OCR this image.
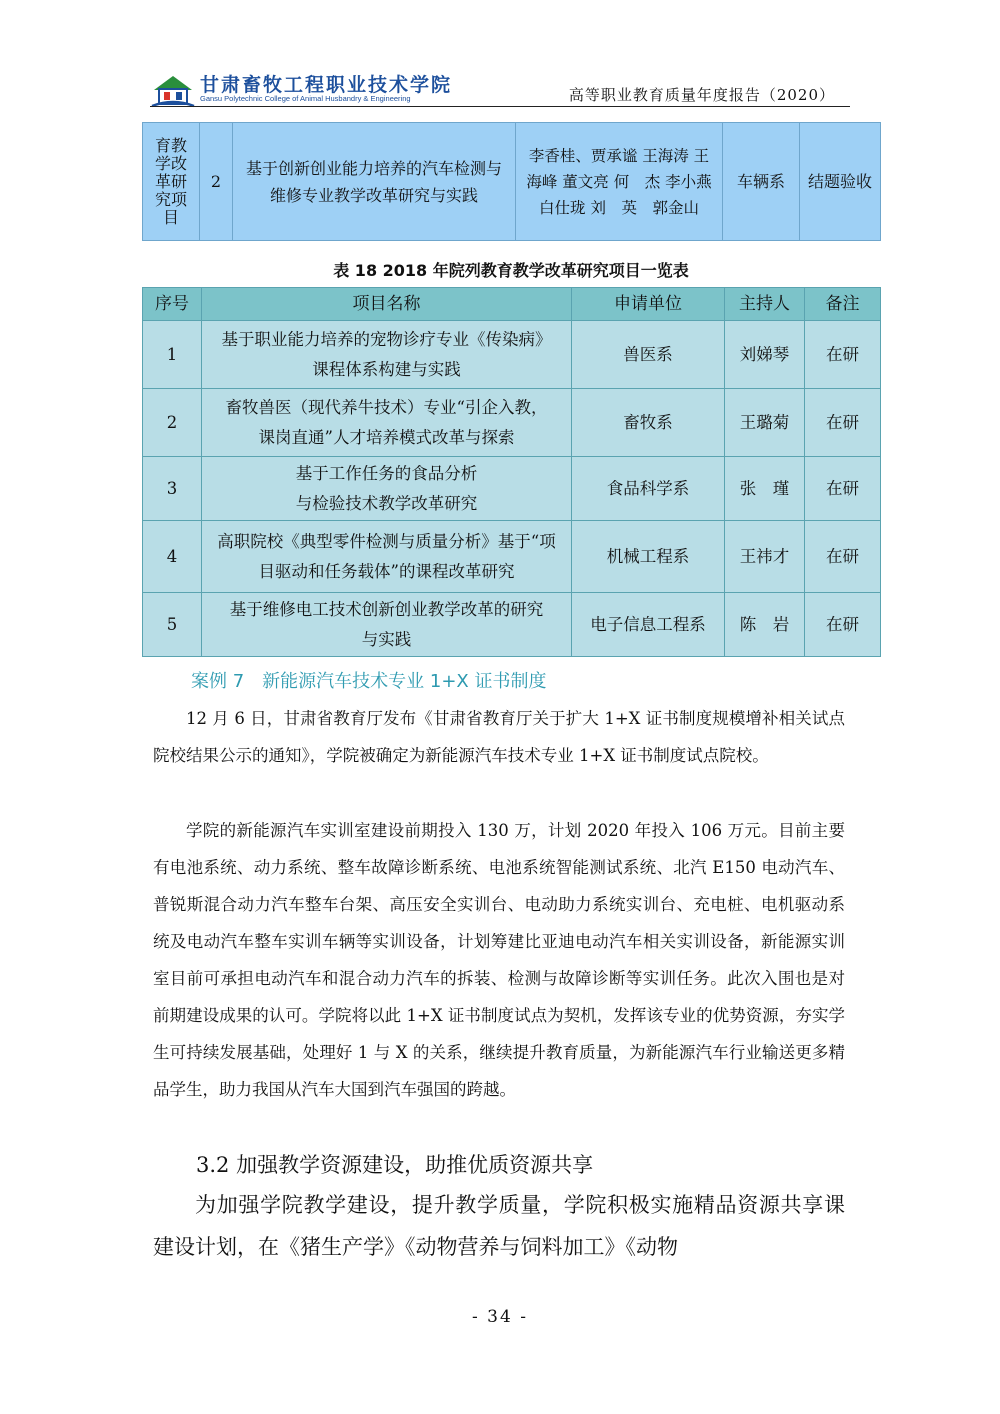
甘肃畜牧工程职业技术学院
Gansu Polytechnic College of Animal Husbandry & Engineering	高等职业教育质量年度报告（2020）
育教学改革研究项目
	2	基于创新创业能力培养的汽车检测与维修专业教学改革研究与实践	李香桂、贾承谧 王海涛 王海峰 董文亮 何　杰 李小燕 白仕珑 刘　英　郭金山	车辆系	结题验收
表 18 2018 年院列教育教学改革研究项目一览表
序号	项目名称	申请单位	主持人	备注
1	基于职业能力培养的宠物诊疗专业《传染病》
课程体系构建与实践	兽医系	刘娣琴	在研
2	畜牧兽医（现代养牛技术）专业“引企入教，
课岗直通”人才培养模式改革与探索	畜牧系	王璐菊	在研
3	基于工作任务的食品分析
与检验技术教学改革研究	食品科学系	张　瑾	在研
4	高职院校《典型零件检测与质量分析》基于“项
目驱动和任务载体”的课程改革研究	机械工程系	王祎才	在研
5	基于维修电工技术创新创业教学改革的研究
与实践	电子信息工程系	陈　岩	在研
案例 7　新能源汽车技术专业 1+X 证书制度
12 月 6 日，甘肃省教育厅发布《甘肃省教育厅关于扩大 1+X 证书制度规模增补相关试点院校结果公示的通知》，学院被确定为新能源汽车技术专业 1+X 证书制度试点院校。
学院的新能源汽车实训室建设前期投入 130 万，计划 2020 年投入 106 万元。目前主要有电池系统、动力系统、整车故障诊断系统、电池系统智能测试系统、北汽 E150 电动汽车、普锐斯混合动力汽车整车台架、高压安全实训台、电动助力系统实训台、充电桩、电机驱动系统及电动汽车整车实训车辆等实训设备，计划筹建比亚迪电动汽车相关实训设备，新能源实训室目前可承担电动汽车和混合动力汽车的拆装、检测与故障诊断等实训任务。此次入围也是对前期建设成果的认可。学院将以此 1+X 证书制度试点为契机，发挥该专业的优势资源，夯实学生可持续发展基础，处理好 1 与 X 的关系，继续提升教育质量，为新能源汽车行业输送更多精品学生，助力我国从汽车大国到汽车强国的跨越。
3.2 加强教学资源建设，助推优质资源共享
为加强学院教学建设，提升教学质量，学院积极实施精品资源共享课建设计划，在《猪生产学》《动物营养与饲料加工》《动物
- 34 -
